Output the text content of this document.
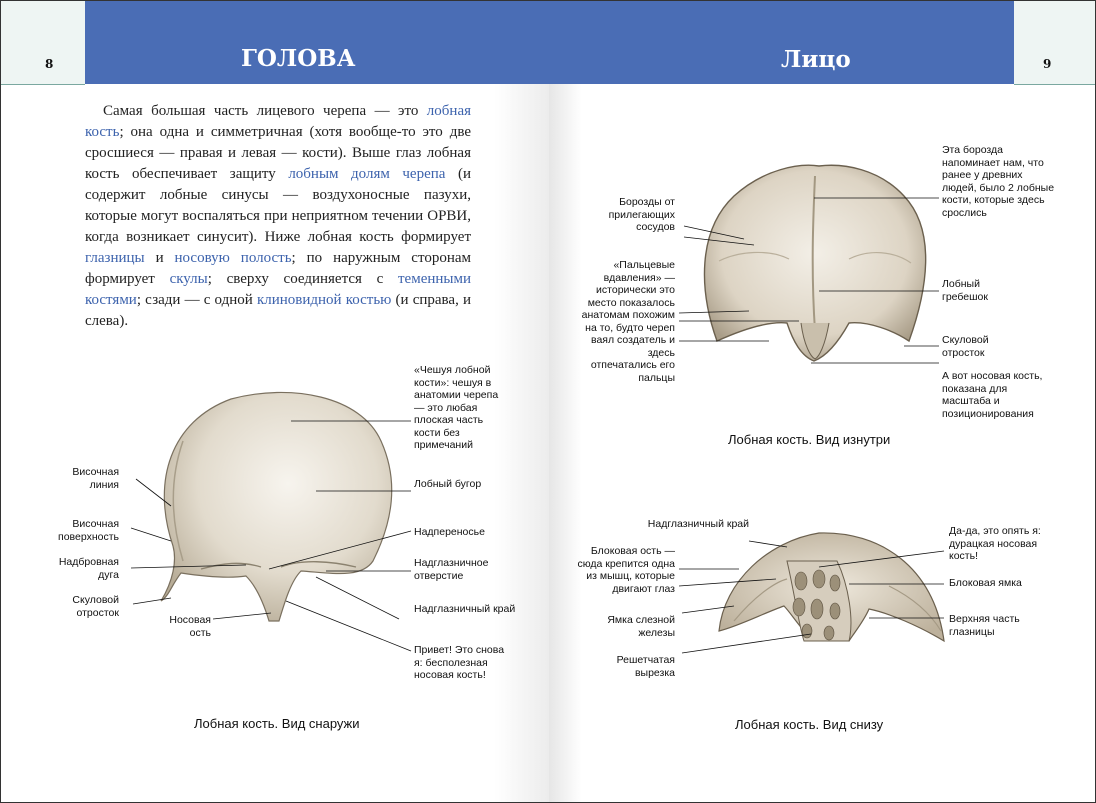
8	ГОЛОВА
Самая большая часть лицевого черепа — это лобная кость; она одна и симметричная (хотя вообще-то это две сросшиеся — правая и левая — кости). Выше глаз лобная кость обеспечивает защиту лобным долям черепа (и содержит лобные синусы — воздухоносные пазухи, которые могут воспаляться при неприятном течении ОРВИ, когда возникает синусит). Ниже лобная кость формирует глазницы и носовую полость; по наружным сторонам формирует скулы; сверху соединяется с теменными костями; сзади — с одной клиновидной костью (и справа, и слева).
«Чешуя лобной кости»: чешуя в анатомии черепа — это любая плоская часть кости без примечаний
Лобный бугор
Надпереносье
Надглазничное отверстие
Надглазничный край
Привет! Это снова я: бесполезная носовая кость!
Височная линия
Височная поверхность
Надбровная дуга
Скуловой отросток
Носовая ость
Лобная кость. Вид снаружи
9
Лицо
Борозды от прилегающих сосудов
«Пальцевые вдавления» — исторически это место показалось анатомам похожим на то, будто череп ваял создатель и здесь отпечатались его пальцы
Эта борозда напоминает нам, что ранее у древних людей, было 2 лобные кости, которые здесь срослись
Лобный гребешок
Скуловой отросток
А вот носовая кость, показана для масштаба и позиционирования
Лобная кость. Вид изнутри
Надглазничный край
Блоковая ость — сюда крепится одна из мышц, которые двигают глаз
Ямка слезной железы
Решетчатая вырезка
Да-да, это опять я: дурацкая носовая кость!
Блоковая ямка
Верхняя часть глазницы
Лобная кость. Вид снизу
